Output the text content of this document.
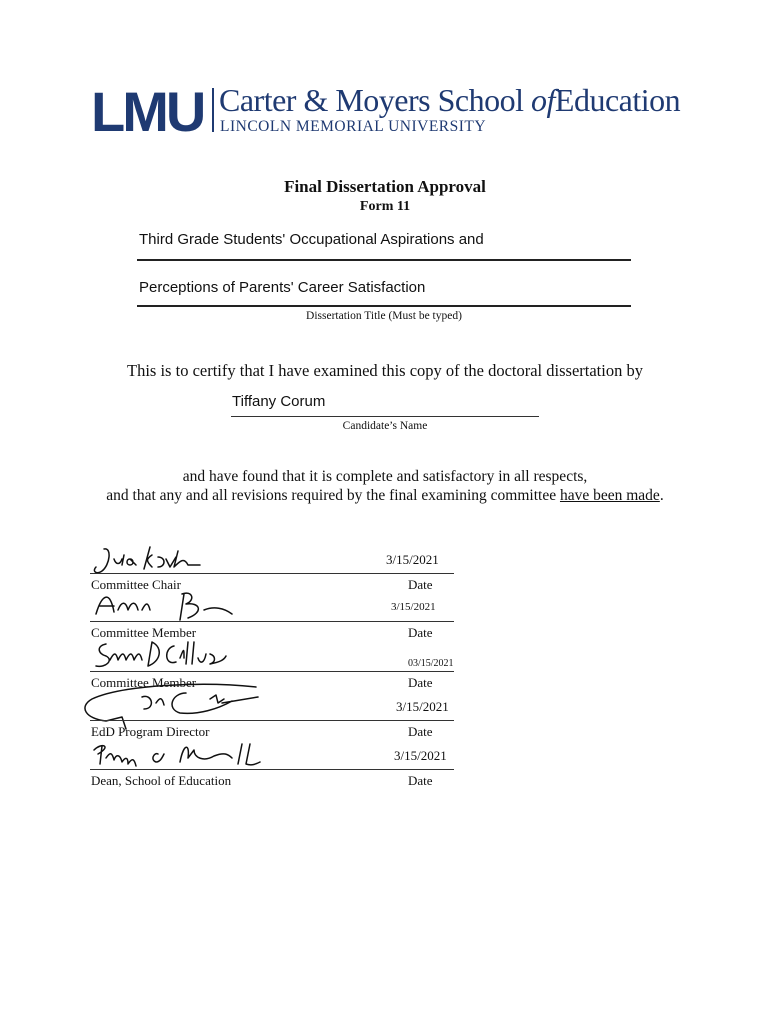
LMU Carter & Moyers School ofEducation
LINCOLN MEMORIAL UNIVERSITY
Final Dissertation Approval
Form 11
Third Grade Students' Occupational Aspirations and
Perceptions of Parents' Career Satisfaction
Dissertation Title (Must be typed)
This is to certify that I have examined this copy of the doctoral dissertation by
Tiffany Corum
Candidate’s Name
and have found that it is complete and satisfactory in all respects,
and that any and all revisions required by the final examining committee have been made.
3/15/2021
Committee Chair	Date
3/15/2021
Committee Member	Date
03/15/2021
Committee Member	Date
3/15/2021
EdD Program Director	Date
3/15/2021
Dean, School of Education	Date
